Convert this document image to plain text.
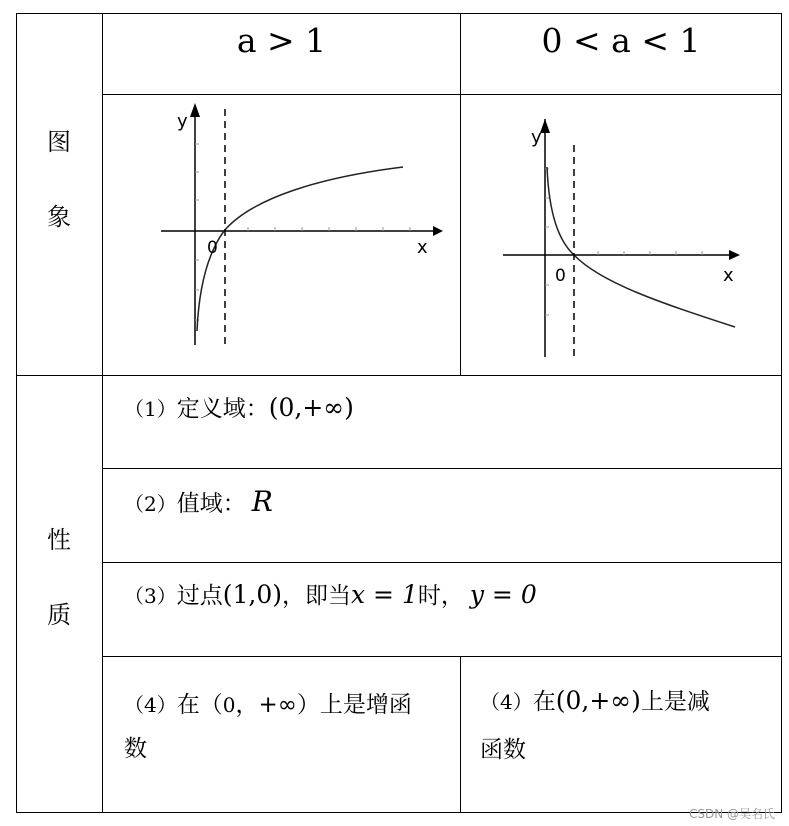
a > 1	0 < a < 1
图
象
性
质
y
x
0
y
x
0
（1）定义域：(0,+∞)
（2）值域： R
（3）过点(1,0)，即当x = 1时， y = 0
（4）在（0，+∞）上是增函
数
（4）在(0,+∞)上是减
函数
CSDN @吴名氏
